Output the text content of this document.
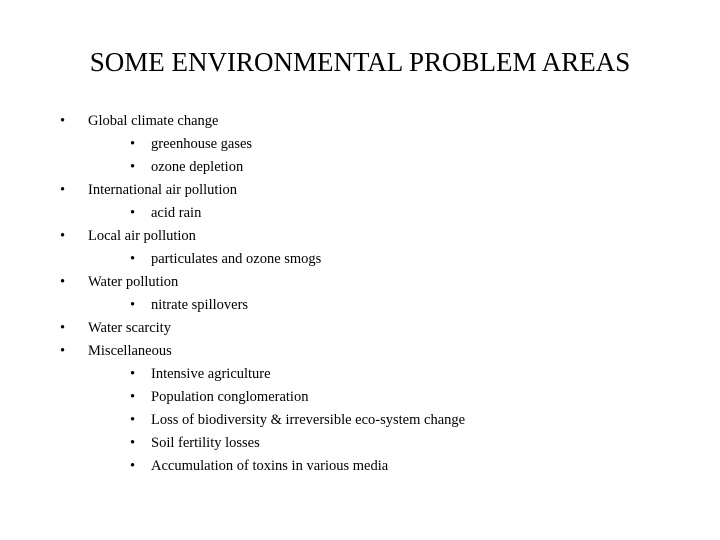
SOME ENVIRONMENTAL PROBLEM AREAS
•	Global climate change
• greenhouse gases
• ozone depletion
•	International air pollution
• acid rain
•	Local air pollution
• particulates and ozone smogs
•	Water pollution
• nitrate spillovers
•	Water scarcity
•	Miscellaneous
• Intensive agriculture
• Population conglomeration
• Loss of biodiversity & irreversible eco-system change
• Soil fertility losses
• Accumulation of toxins in various media
